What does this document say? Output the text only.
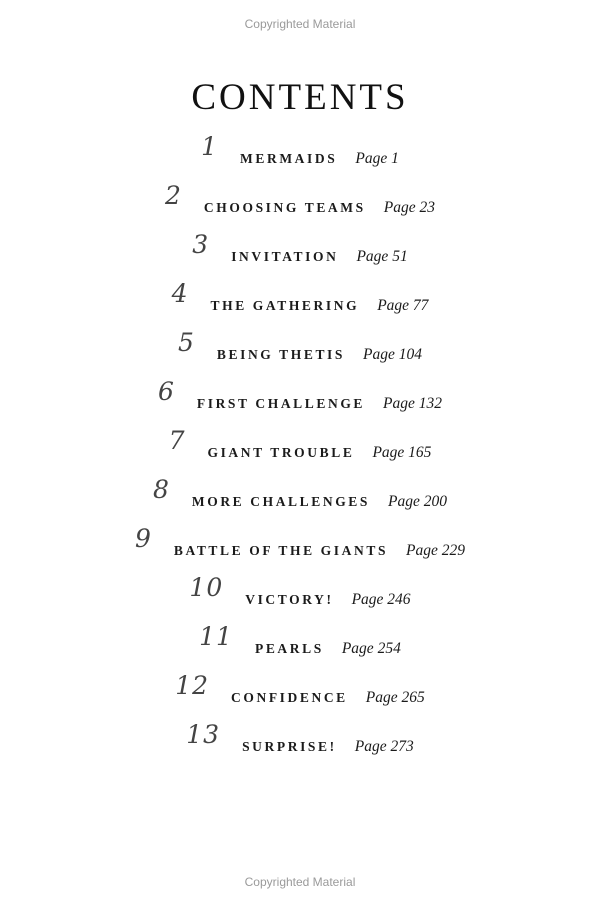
Copyrighted Material
CONTENTS
1 MERMAIDS Page 1
2 CHOOSING TEAMS Page 23
3 INVITATION Page 51
4 THE GATHERING Page 77
5 BEING THETIS Page 104
6 FIRST CHALLENGE Page 132
7 GIANT TROUBLE Page 165
8 MORE CHALLENGES Page 200
9 BATTLE OF THE GIANTS Page 229
10 VICTORY! Page 246
11 PEARLS Page 254
12 CONFIDENCE Page 265
13 SURPRISE! Page 273
Copyrighted Material
